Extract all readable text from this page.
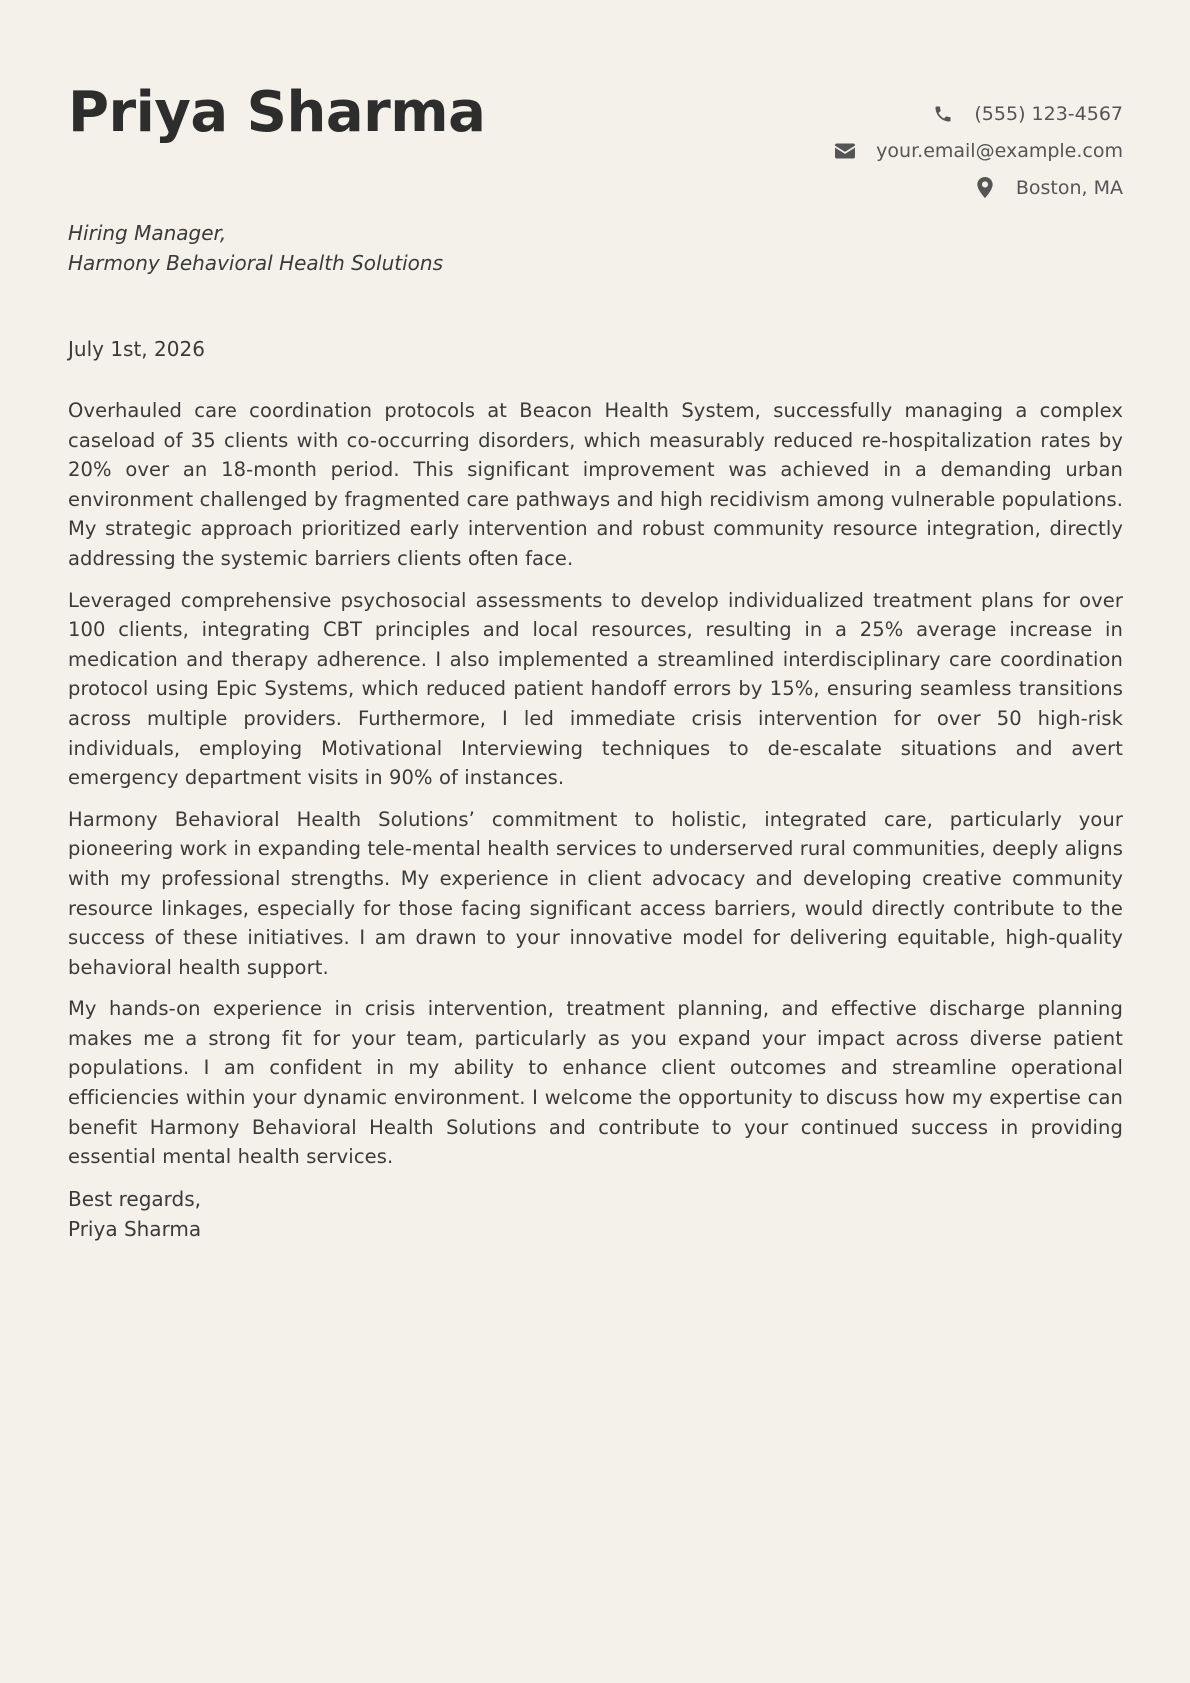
Priya Sharma	(555) 123-4567
your.email@example.com
Boston, MA
Hiring Manager,
Harmony Behavioral Health Solutions
July 1st, 2026

Overhauled care coordination protocols at Beacon Health System, successfully managing a complex caseload of 35 clients with co-occurring disorders, which measurably reduced re-hospitalization rates by 20% over an 18-month period. This significant improvement was achieved in a demanding urban environment challenged by fragmented care pathways and high recidivism among vulnerable populations. My strategic approach prioritized early intervention and robust community resource integration, directly addressing the systemic barriers clients often face.

Leveraged comprehensive psychosocial assessments to develop individualized treatment plans for over 100 clients, integrating CBT principles and local resources, resulting in a 25% average increase in medication and therapy adherence. I also implemented a streamlined interdisciplinary care coordination protocol using Epic Systems, which reduced patient handoff errors by 15%, ensuring seamless transitions across multiple providers. Furthermore, I led immediate crisis intervention for over 50 high-risk individuals, employing Motivational Interviewing techniques to de-escalate situations and avert emergency department visits in 90% of instances.

Harmony Behavioral Health Solutions’ commitment to holistic, integrated care, particularly your pioneering work in expanding tele-mental health services to underserved rural communities, deeply aligns with my professional strengths. My experience in client advocacy and developing creative community resource linkages, especially for those facing significant access barriers, would directly contribute to the success of these initiatives. I am drawn to your innovative model for delivering equitable, high-quality behavioral health support.

My hands-on experience in crisis intervention, treatment planning, and effective discharge planning makes me a strong fit for your team, particularly as you expand your impact across diverse patient populations. I am confident in my ability to enhance client outcomes and streamline operational efficiencies within your dynamic environment. I welcome the opportunity to discuss how my expertise can benefit Harmony Behavioral Health Solutions and contribute to your continued success in providing essential mental health services.

Best regards,
Priya Sharma
